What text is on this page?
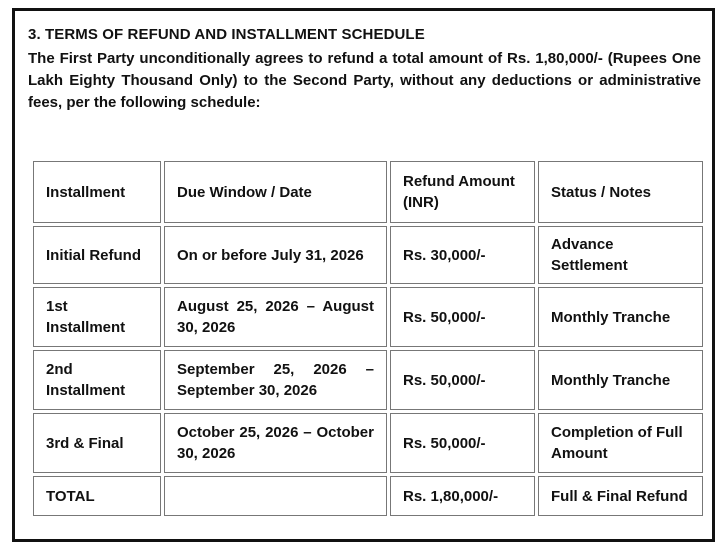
3. TERMS OF REFUND AND INSTALLMENT SCHEDULE

The First Party unconditionally agrees to refund a total amount of Rs. 1,80,000/- (Rupees One Lakh Eighty Thousand Only) to the Second Party, without any deductions or administrative fees, per the following schedule:

Installment	Due Window / Date	Refund Amount (INR)	Status / Notes
Initial Refund	On or before July 31, 2026	Rs. 30,000/-	Advance Settlement
1st Installment	August 25, 2026 – August 30, 2026	Rs. 50,000/-	Monthly Tranche
2nd Installment	September 25, 2026 – September 30, 2026	Rs. 50,000/-	Monthly Tranche
3rd & Final	October 25, 2026 – October 30, 2026	Rs. 50,000/-	Completion of Full Amount
TOTAL		Rs. 1,80,000/-	Full & Final Refund
